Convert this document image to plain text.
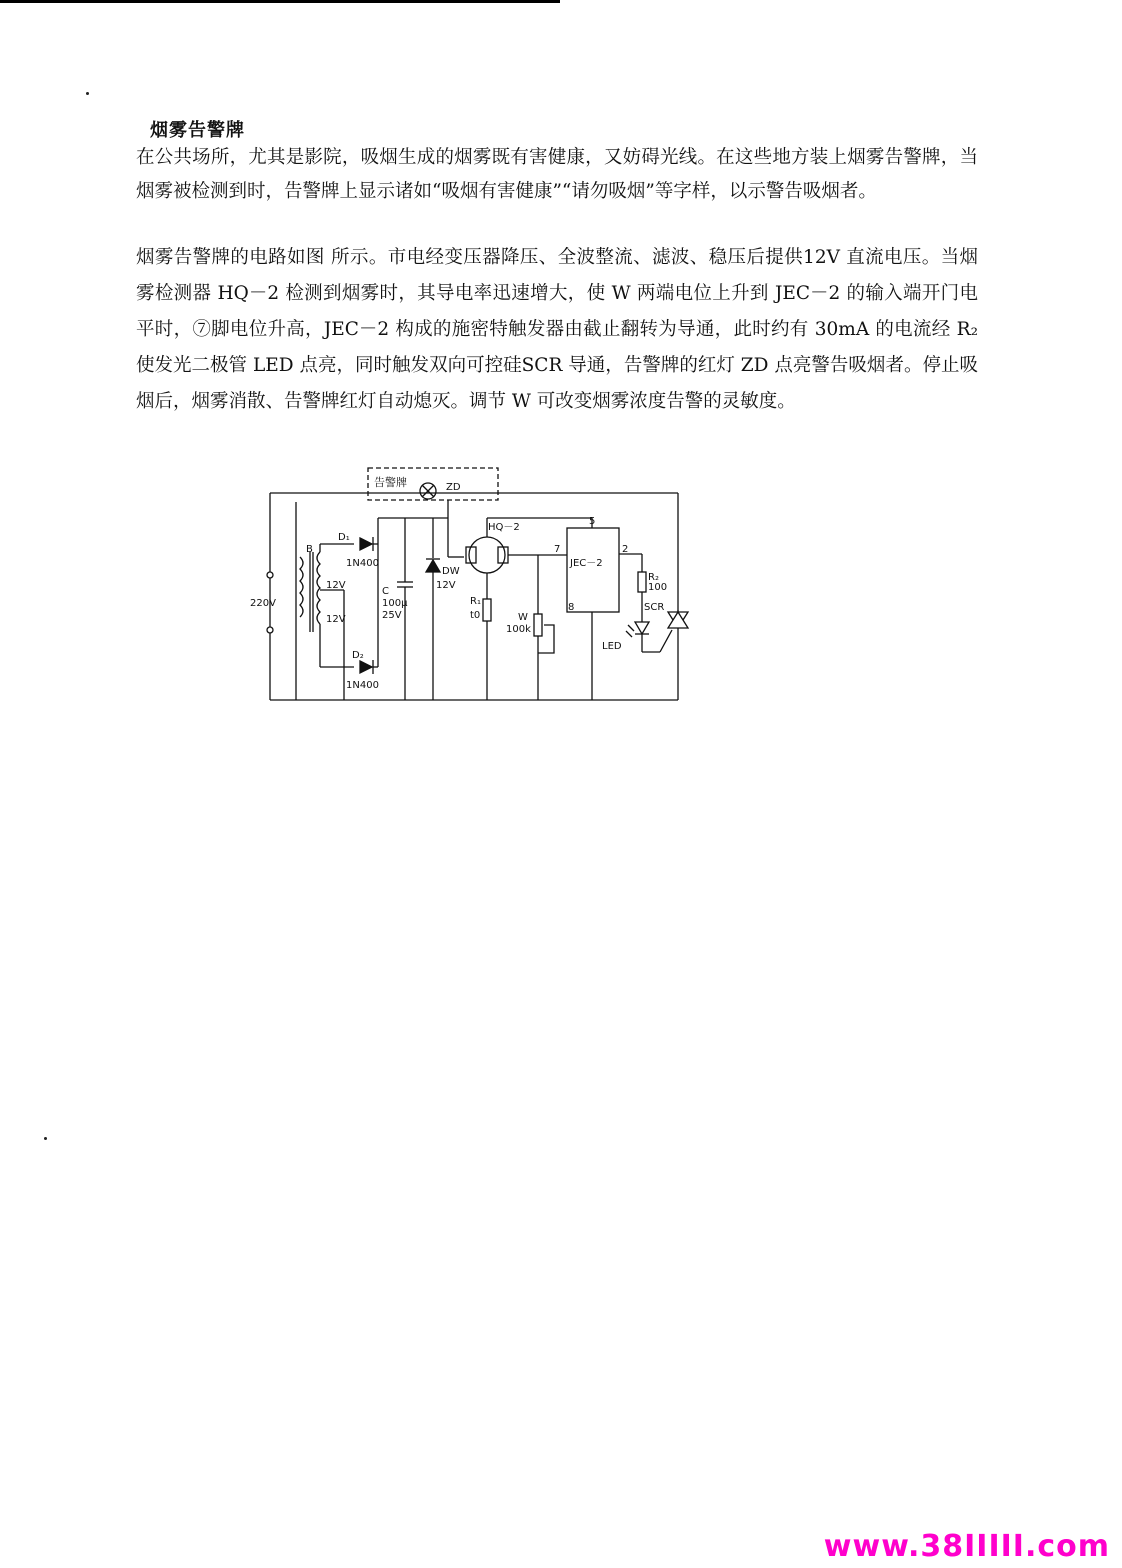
烟雾告警牌

在公共场所，尤其是影院，吸烟生成的烟雾既有害健康，又妨碍光线。在这些地方装上烟雾告警牌，当烟雾被检测到时，告警牌上显示诸如“吸烟有害健康”“请勿吸烟”等字样，以示警告吸烟者。

烟雾告警牌的电路如图 所示。市电经变压器降压、全波整流、滤波、稳压后提供12V 直流电压。当烟雾检测器 HQ－2 检测到烟雾时，其导电率迅速增大，使 W 两端电位上升到 JEC－2 的输入端开门电平时，⑦脚电位升高，JEC－2 构成的施密特触发器由截止翻转为导通，此时约有 30mA 的电流经 R₂ 使发光二极管 LED 点亮，同时触发双向可控硅SCR 导通，告警牌的红灯 ZD 点亮警告吸烟者。停止吸烟后，烟雾消散、告警牌红灯自动熄灭。调节 W 可改变烟雾浓度告警的灵敏度。

告警牌	ZD
220V
B
12V
12V
D₁
1N400
D₂
1N400
C
100μ
25V
DW
12V
R₁
t0
HQ－2
W
100k
JEC－2
5
7	2
8
R₂
100
LED
SCR
www.38IIIII.com
